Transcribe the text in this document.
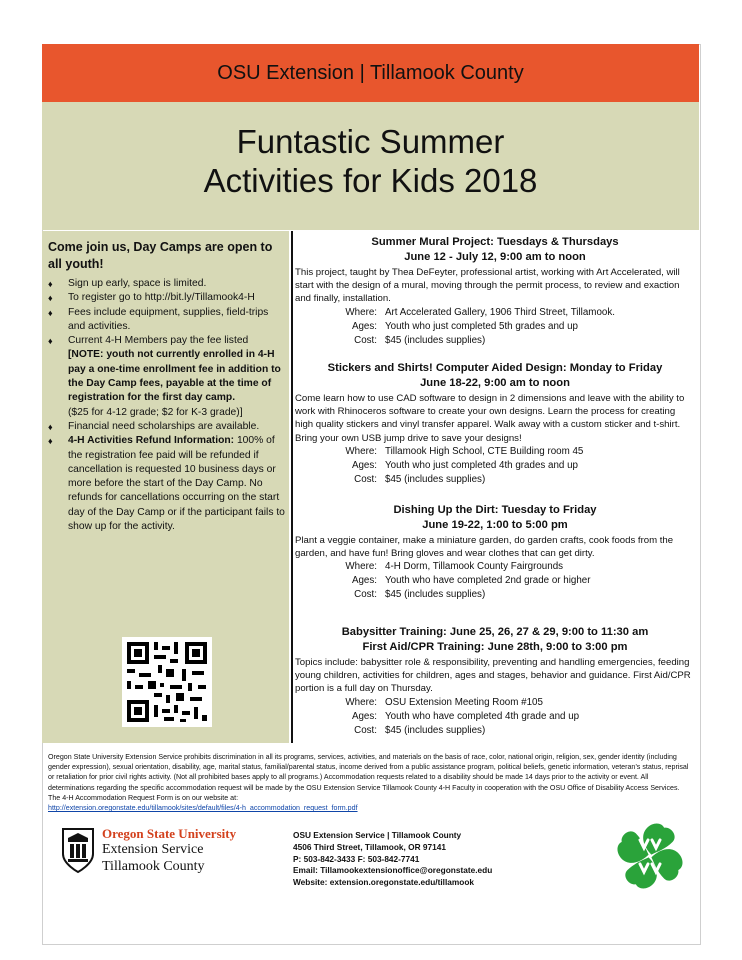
OSU Extension | Tillamook County
Funtastic Summer
Activities for Kids 2018
Come join us, Day Camps are open to all youth!
♦ Sign up early, space is limited.
♦ To register go to http://bit.ly/Tillamook4-H
♦ Fees include equipment, supplies, field-trips and activities.
♦ Current 4-H Members pay the fee listed [NOTE: youth not currently enrolled in 4-H pay a one-time enrollment fee in addition to the Day Camp fees, payable at the time of registration for the first day camp.
($25 for 4-12 grade; $2 for K-3 grade)]
♦ Financial need scholarships are available.
♦ 4-H Activities Refund Information: 100% of the registration fee paid will be refunded if cancellation is requested 10 business days or more before the start of the Day Camp. No refunds for cancellations occurring on the start day of the Day Camp or if the participant fails to show up for the activity.
Summer Mural Project: Tuesdays & Thursdays
June 12 - July 12, 9:00 am to noon
This project, taught by Thea DeFeyter, professional artist, working with Art Accelerated, will start with the design of a mural, moving through the permit process, to review and exaction and finally, installation.
Where: Art Accelerated Gallery, 1906 Third Street, Tillamook.
Ages: Youth who just completed 5th grades and up
Cost: $45 (includes supplies)
Stickers and Shirts! Computer Aided Design: Monday to Friday
June 18-22, 9:00 am to noon
Come learn how to use CAD software to design in 2 dimensions and leave with the ability to work with Rhinoceros software to create your own designs. Learn the process for creating high quality stickers and vinyl transfer apparel. Walk away with a custom sticker and t-shirt. Bring your own USB jump drive to save your designs!
Where: Tillamook High School, CTE Building room 45
Ages: Youth who just completed 4th grades and up
Cost: $45 (includes supplies)
Dishing Up the Dirt: Tuesday to Friday
June 19-22, 1:00 to 5:00 pm
Plant a veggie container, make a miniature garden, do garden crafts, cook foods from the garden, and have fun! Bring gloves and wear clothes that can get dirty.
Where: 4-H Dorm, Tillamook County Fairgrounds
Ages: Youth who have completed 2nd grade or higher
Cost: $45 (includes supplies)
Babysitter Training: June 25, 26, 27 & 29, 9:00 to 11:30 am
First Aid/CPR Training: June 28th, 9:00 to 3:00 pm
Topics include: babysitter role & responsibility, preventing and handling emergencies, feeding young children, activities for children, ages and stages, behavior and guidance. First Aid/CPR portion is a full day on Thursday.
Where: OSU Extension Meeting Room #105
Ages: Youth who have completed 4th grade and up
Cost: $45 (includes supplies)
Oregon State University Extension Service prohibits discrimination in all its programs, services, activities, and materials on the basis of race, color, national origin, religion, sex, gender identity (including gender expression), sexual orientation, disability, age, marital status, familial/parental status, income derived from a public assistance program, political beliefs, genetic information, veteran’s status, reprisal or retaliation for prior civil rights activity. (Not all prohibited bases apply to all programs.) Accommodation requests related to a disability should be made 14 days prior to the activity or event. All determinations regarding the specific accommodation request will be made by the OSU Extension Service Tillamook County 4-H Faculty in cooperation with the OSU Office of Disability Access Services. The 4-H Accommodation Request Form is on our website at:
http://extension.oregonstate.edu/tillamook/sites/default/files/4-h_accommodation_request_form.pdf
Oregon State University
Extension Service
Tillamook County
OSU Extension Service | Tillamook County
4506 Third Street, Tillamook, OR 97141
P: 503-842-3433 F: 503-842-7741
Email: Tillamookextensionoffice@oregonstate.edu
Website: extension.oregonstate.edu/tillamook
